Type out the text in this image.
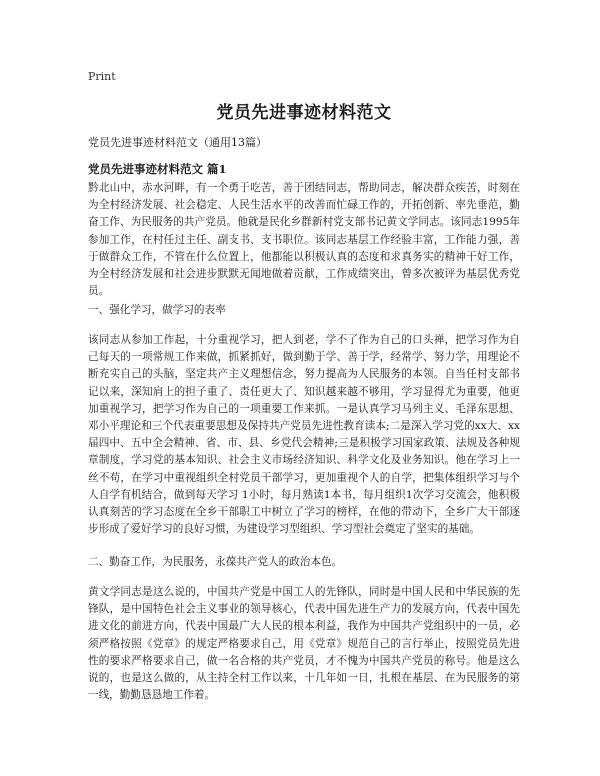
Print
党员先进事迹材料范文
党员先进事迹材料范文（通用13篇）
党员先进事迹材料范文 篇1

黔北山中，赤水河畔，有一个勇于吃苦，善于团结同志，帮助同志，解决群众疾苦，时刻在为全村经济发展、社会稳定、人民生活水平的改善而忙碌工作的，开拓创新、率先垂范，勤奋工作、为民服务的共产党员。他就是民化乡群新村党支部书记黄文学同志。该同志1995年参加工作，在村任过主任、副支书、支书职位。该同志基层工作经验丰富，工作能力强，善于做群众工作，不管在什么位置上，他都能以积极认真的态度和求真务实的精神干好工作，为全村经济发展和社会进步默默无闻地做着贡献，工作成绩突出，曾多次被评为基层优秀党员。

一、强化学习，做学习的表率

该同志从参加工作起，十分重视学习，把人到老，学不了作为自己的口头禅，把学习作为自己每天的一项常规工作来做，抓紧抓好，做到勤于学、善于学，经常学、努力学，用理论不断充实自己的头脑，坚定共产主义理想信念，努力提高为人民服务的本领。自当任村支部书记以来，深知肩上的担子重了、责任更大了、知识越来越不够用，学习显得尤为重要，他更加重视学习，把学习作为自己的一项重要工作来抓。一是认真学习马列主义、毛泽东思想、邓小平理论和三个代表重要思想及保持共产党员先进性教育读本;二是深入学习党的xx大、xx届四中、五中全会精神、省、市、县、乡党代会精神;三是积极学习国家政策、法规及各种规章制度，学习党的基本知识、社会主义市场经济知识、科学文化及业务知识。他在学习上一丝不苟，在学习中重视组织全村党员干部学习，更加重视个人的自学，把集体组织学习与个人自学有机结合，做到每天学习 1小时，每月熟读1本书，每月组织1次学习交流会，他积极认真刻苦的学习态度在全乡干部职工中树立了学习的榜样，在他的带动下，全乡广大干部逐步形成了爱好学习的良好习惯，为建设学习型组织、学习型社会奠定了坚实的基础。

二、勤奋工作，为民服务，永葆共产党人的政治本色。

黄文学同志是这么说的，中国共产党是中国工人的先锋队，同时是中国人民和中华民族的先锋队，是中国特色社会主义事业的领导核心，代表中国先进生产力的发展方向，代表中国先进文化的前进方向，代表中国最广大人民的根本利益，我作为中国共产党组织中的一员，必须严格按照《党章》的规定严格要求自己，用《党章》规范自己的言行举止，按照党员先进性的要求严格要求自己，做一名合格的共产党员，才不愧为中国共产党员的称号。他是这么说的，也是这么做的，从主持全村工作以来，十几年如一日，扎根在基层、在为民服务的第一线，勤勤恳恳地工作着。
